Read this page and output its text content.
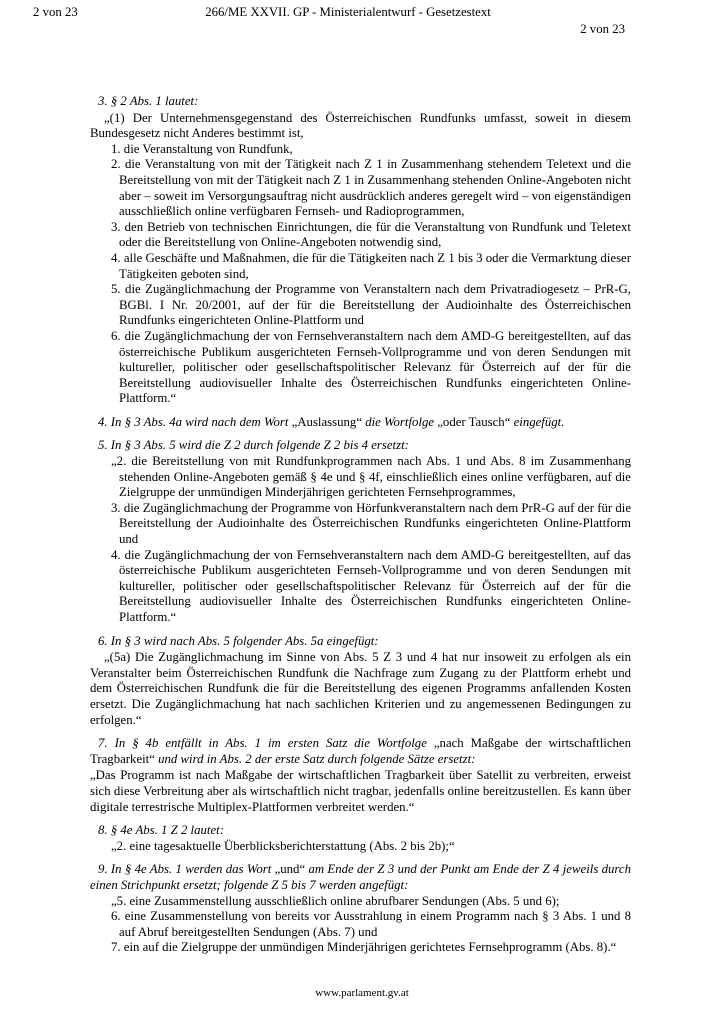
2 von 23	266/ME XXVII. GP - Ministerialentwurf - Gesetzestext
2 von 23
3. § 2 Abs. 1 lautet:
„(1) Der Unternehmensgegenstand des Österreichischen Rundfunks umfasst, soweit in diesem Bundesgesetz nicht Anderes bestimmt ist,
1. die Veranstaltung von Rundfunk,
2. die Veranstaltung von mit der Tätigkeit nach Z 1 in Zusammenhang stehendem Teletext und die Bereitstellung von mit der Tätigkeit nach Z 1 in Zusammenhang stehenden Online-Angeboten nicht aber – soweit im Versorgungsauftrag nicht ausdrücklich anderes geregelt wird – von eigenständigen ausschließlich online verfügbaren Fernseh- und Radioprogrammen,
3. den Betrieb von technischen Einrichtungen, die für die Veranstaltung von Rundfunk und Teletext oder die Bereitstellung von Online-Angeboten notwendig sind,
4. alle Geschäfte und Maßnahmen, die für die Tätigkeiten nach Z 1 bis 3 oder die Vermarktung dieser Tätigkeiten geboten sind,
5. die Zugänglichmachung der Programme von Veranstaltern nach dem Privatradiogesetz – PrR-G, BGBl. I Nr. 20/2001, auf der für die Bereitstellung der Audioinhalte des Österreichischen Rundfunks eingerichteten Online-Plattform und
6. die Zugänglichmachung der von Fernsehveranstaltern nach dem AMD-G bereitgestellten, auf das österreichische Publikum ausgerichteten Fernseh-Vollprogramme und von deren Sendungen mit kultureller, politischer oder gesellschaftspolitischer Relevanz für Österreich auf der für die Bereitstellung audiovisueller Inhalte des Österreichischen Rundfunks eingerichteten Online-Plattform.“
4. In § 3 Abs. 4a wird nach dem Wort „Auslassung“ die Wortfolge „oder Tausch“ eingefügt.
5. In § 3 Abs. 5 wird die Z 2 durch folgende Z 2 bis 4 ersetzt:
„2. die Bereitstellung von mit Rundfunkprogrammen nach Abs. 1 und Abs. 8 im Zusammenhang stehenden Online-Angeboten gemäß § 4e und § 4f, einschließlich eines online verfügbaren, auf die Zielgruppe der unmündigen Minderjährigen gerichteten Fernsehprogrammes,
3. die Zugänglichmachung der Programme von Hörfunkveranstaltern nach dem PrR-G auf der für die Bereitstellung der Audioinhalte des Österreichischen Rundfunks eingerichteten Online-Plattform und
4. die Zugänglichmachung der von Fernsehveranstaltern nach dem AMD-G bereitgestellten, auf das österreichische Publikum ausgerichteten Fernseh-Vollprogramme und von deren Sendungen mit kultureller, politischer oder gesellschaftspolitischer Relevanz für Österreich auf der für die Bereitstellung audiovisueller Inhalte des Österreichischen Rundfunks eingerichteten Online-Plattform.“
6. In § 3 wird nach Abs. 5 folgender Abs. 5a eingefügt:
„(5a) Die Zugänglichmachung im Sinne von Abs. 5 Z 3 und 4 hat nur insoweit zu erfolgen als ein Veranstalter beim Österreichischen Rundfunk die Nachfrage zum Zugang zu der Plattform erhebt und dem Österreichischen Rundfunk die für die Bereitstellung des eigenen Programms anfallenden Kosten ersetzt. Die Zugänglichmachung hat nach sachlichen Kriterien und zu angemessenen Bedingungen zu erfolgen.“
7. In § 4b entfällt in Abs. 1 im ersten Satz die Wortfolge „nach Maßgabe der wirtschaftlichen Tragbarkeit“ und wird in Abs. 2 der erste Satz durch folgende Sätze ersetzt:
„Das Programm ist nach Maßgabe der wirtschaftlichen Tragbarkeit über Satellit zu verbreiten, erweist sich diese Verbreitung aber als wirtschaftlich nicht tragbar, jedenfalls online bereitzustellen. Es kann über digitale terrestrische Multiplex-Plattformen verbreitet werden.“
8. § 4e Abs. 1 Z 2 lautet:
„2. eine tagesaktuelle Überblicksberichterstattung (Abs. 2 bis 2b);“
9. In § 4e Abs. 1 werden das Wort „und“ am Ende der Z 3 und der Punkt am Ende der Z 4 jeweils durch einen Strichpunkt ersetzt; folgende Z 5 bis 7 werden angefügt:
„5. eine Zusammenstellung ausschließlich online abrufbarer Sendungen (Abs. 5 und 6);
6. eine Zusammenstellung von bereits vor Ausstrahlung in einem Programm nach § 3 Abs. 1 und 8 auf Abruf bereitgestellten Sendungen (Abs. 7) und
7. ein auf die Zielgruppe der unmündigen Minderjährigen gerichtetes Fernsehprogramm (Abs. 8).“
www.parlament.gv.at
